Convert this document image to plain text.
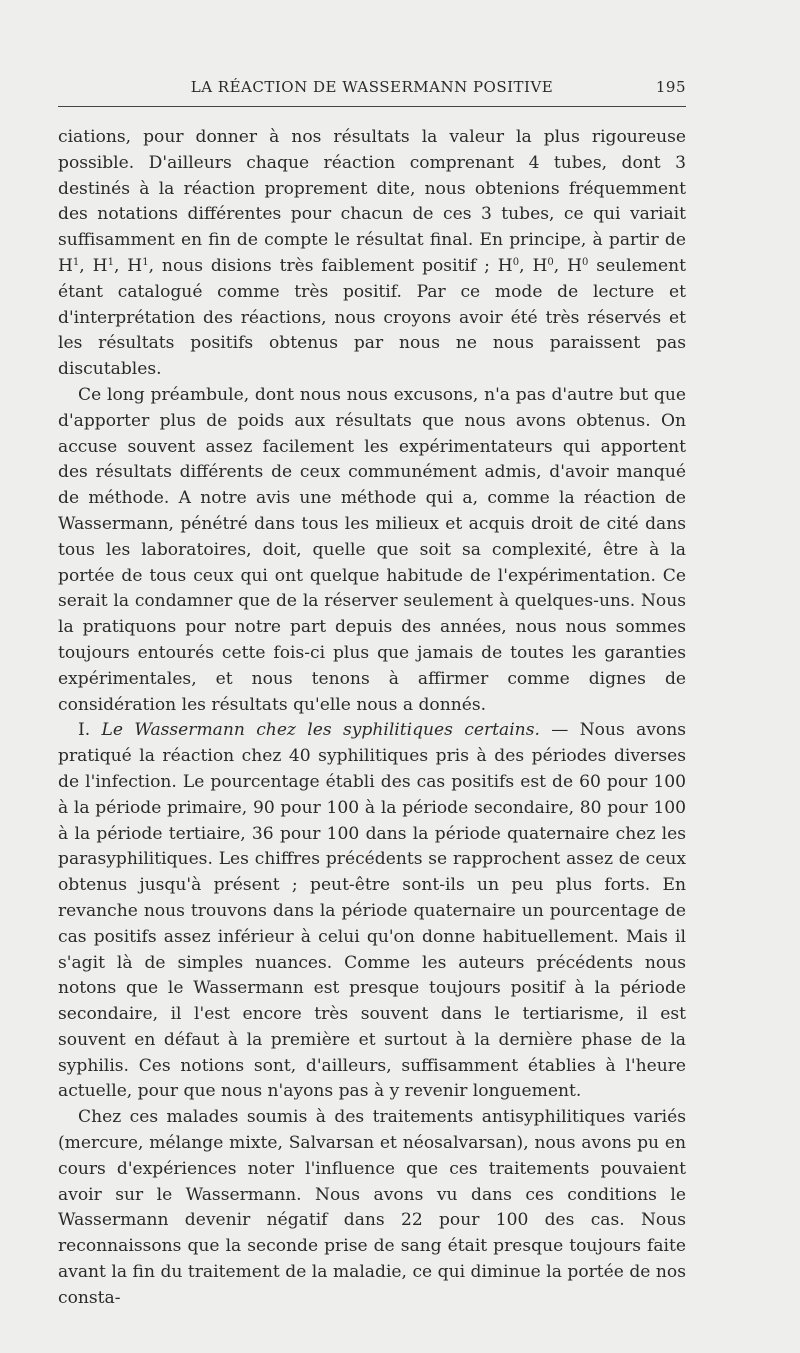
LA RÉACTION DE WASSERMANN POSITIVE	195

ciations, pour donner à nos résultats la valeur la plus rigoureuse possible. D'ailleurs chaque réaction comprenant 4 tubes, dont 3 destinés à la réaction proprement dite, nous obtenions fréquemment des notations différentes pour chacun de ces 3 tubes, ce qui variait suffisamment en fin de compte le résultat final. En principe, à partir de $H^1$, $H^1$, $H^1$, nous disions très faiblement positif ; $H^0$, $H^0$, $H^0$ seulement étant catalogué comme très positif. Par ce mode de lecture et d'interprétation des réactions, nous croyons avoir été très réservés et les résultats positifs obtenus par nous ne nous paraissent pas discutables.

Ce long préambule, dont nous nous excusons, n'a pas d'autre but que d'apporter plus de poids aux résultats que nous avons obtenus. On accuse souvent assez facilement les expérimentateurs qui apportent des résultats différents de ceux communément admis, d'avoir manqué de méthode. A notre avis une méthode qui a, comme la réaction de Wassermann, pénétré dans tous les milieux et acquis droit de cité dans tous les laboratoires, doit, quelle que soit sa complexité, être à la portée de tous ceux qui ont quelque habitude de l'expérimentation. Ce serait la condamner que de la réserver seulement à quelques-uns. Nous la pratiquons pour notre part depuis des années, nous nous sommes toujours entourés cette fois-ci plus que jamais de toutes les garanties expérimentales, et nous tenons à affirmer comme dignes de considération les résultats qu'elle nous a donnés.

I. Le Wassermann chez les syphilitiques certains. — Nous avons pratiqué la réaction chez 40 syphilitiques pris à des périodes diverses de l'infection. Le pourcentage établi des cas positifs est de 60 pour 100 à la période primaire, 90 pour 100 à la période secondaire, 80 pour 100 à la période tertiaire, 36 pour 100 dans la période quaternaire chez les parasyphilitiques. Les chiffres précédents se rapprochent assez de ceux obtenus jusqu'à présent ; peut-être sont-ils un peu plus forts. En revanche nous trouvons dans la période quaternaire un pourcentage de cas positifs assez inférieur à celui qu'on donne habituellement. Mais il s'agit là de simples nuances. Comme les auteurs précédents nous notons que le Wassermann est presque toujours positif à la période secondaire, il l'est encore très souvent dans le tertiarisme, il est souvent en défaut à la première et surtout à la dernière phase de la syphilis. Ces notions sont, d'ailleurs, suffisamment établies à l'heure actuelle, pour que nous n'ayons pas à y revenir longuement.

Chez ces malades soumis à des traitements antisyphilitiques variés (mercure, mélange mixte, Salvarsan et néosalvarsan), nous avons pu en cours d'expériences noter l'influence que ces traitements pouvaient avoir sur le Wassermann. Nous avons vu dans ces conditions le Wassermann devenir négatif dans 22 pour 100 des cas. Nous reconnaissons que la seconde prise de sang était presque toujours faite avant la fin du traitement de la maladie, ce qui diminue la portée de nos consta-
